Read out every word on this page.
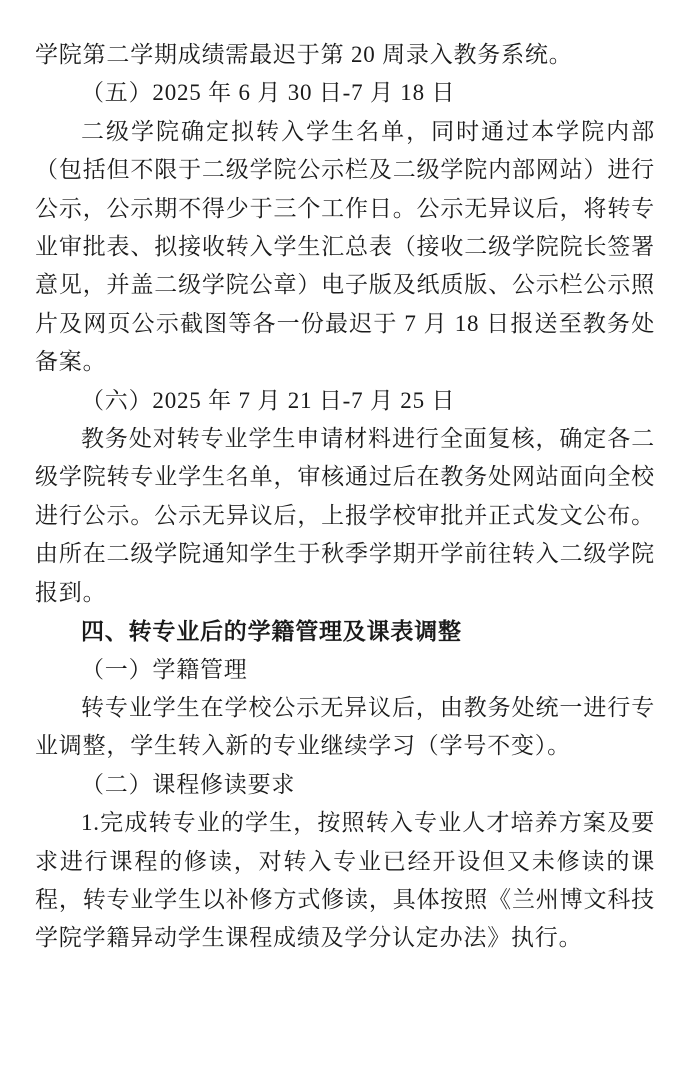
学院第二学期成绩需最迟于第 20 周录入教务系统。

（五）2025 年 6 月 30 日-7 月 18 日

二级学院确定拟转入学生名单，同时通过本学院内部（包括但不限于二级学院公示栏及二级学院内部网站）进行公示，公示期不得少于三个工作日。公示无异议后，将转专业审批表、拟接收转入学生汇总表（接收二级学院院长签署意见，并盖二级学院公章）电子版及纸质版、公示栏公示照片及网页公示截图等各一份最迟于 7 月 18 日报送至教务处备案。

（六）2025 年 7 月 21 日-7 月 25 日

教务处对转专业学生申请材料进行全面复核，确定各二级学院转专业学生名单，审核通过后在教务处网站面向全校进行公示。公示无异议后，上报学校审批并正式发文公布。由所在二级学院通知学生于秋季学期开学前往转入二级学院报到。

四、转专业后的学籍管理及课表调整

（一）学籍管理

转专业学生在学校公示无异议后，由教务处统一进行专业调整，学生转入新的专业继续学习（学号不变）。

（二）课程修读要求

1.完成转专业的学生，按照转入专业人才培养方案及要求进行课程的修读，对转入专业已经开设但又未修读的课程，转专业学生以补修方式修读，具体按照《兰州博文科技学院学籍异动学生课程成绩及学分认定办法》执行。
